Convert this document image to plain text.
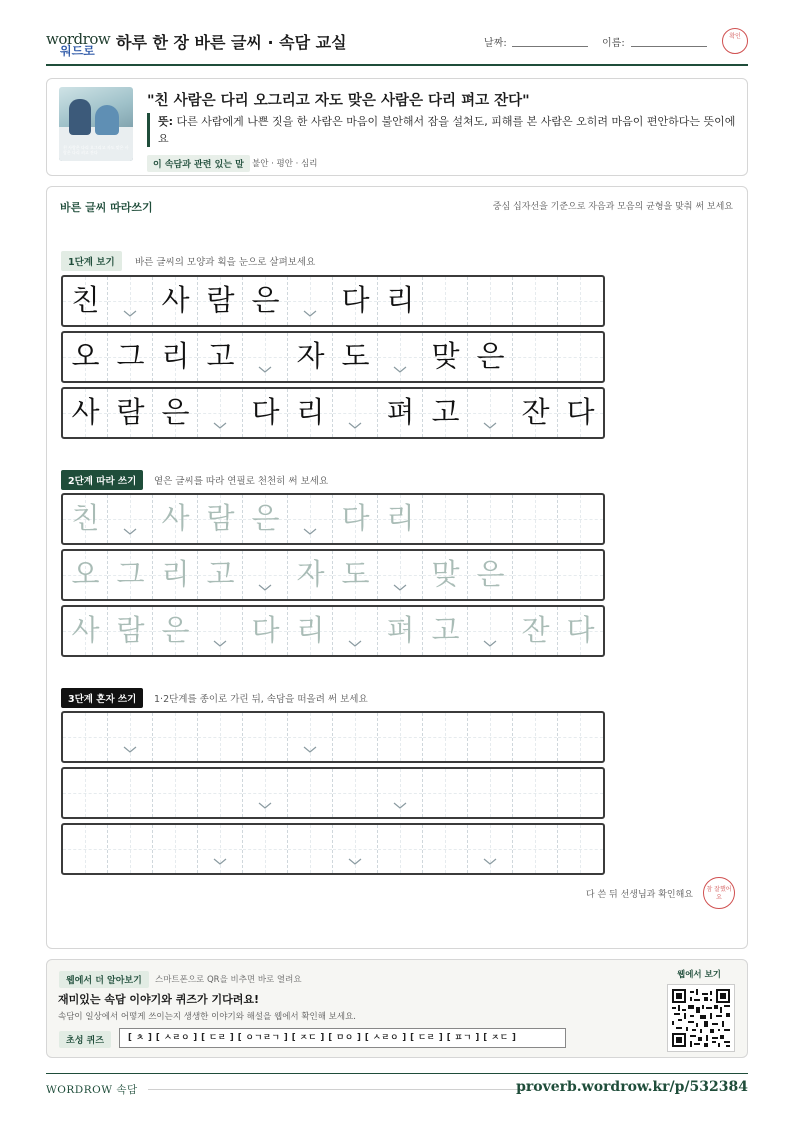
wordrow
워드로 하루 한 장 바른 글씨 · 속담 교실	날짜:	이름:
확인
친 사람은 다리 오그리고 자도 맞은 사람은 다리 펴고 잔다
"친 사람은 다리 오그리고 자도 맞은 사람은 다리 펴고 잔다"
뜻: 다른 사람에게 나쁜 짓을 한 사람은 마음이 불안해서 잠을 설쳐도, 피해를 본 사람은 오히려 마음이 편안하다는 뜻이에요
이 속담과 관련 있는 말 불안 · 평안 · 심리
바른 글씨 따라쓰기	중심 십자선을 기준으로 자음과 모음의 균형을 맞춰 써 보세요
1단계 보기	바른 글씨의 모양과 획을 눈으로 살펴보세요
친 사 람 은 다 리
오 그 리 고 자 도 맞 은
사 람 은 다 리 펴 고 잔 다
2단계 따라 쓰기	옅은 글씨를 따라 연필로 천천히 써 보세요
친 사 람 은 다 리
오 그 리 고 자 도 맞 은
사 람 은 다 리 펴 고 잔 다
3단계 혼자 쓰기	1·2단계를 종이로 가린 뒤, 속담을 떠올려 써 보세요
다 쓴 뒤 선생님과 확인해요
참 잘했어요
웹에서 더 알아보기	스마트폰으로 QR을 비추면 바로 열려요
재미있는 속담 이야기와 퀴즈가 기다려요!
속담이 일상에서 어떻게 쓰이는지 생생한 이야기와 해설을 웹에서 확인해 보세요.
초성 퀴즈	[ ㅊ ] [ ㅅㄹㅇ ] [ ㄷㄹ ] [ ㅇㄱㄹㄱ ] [ ㅈㄷ ] [ ㅁㅇ ] [ ㅅㄹㅇ ] [ ㄷㄹ ] [ ㅍㄱ ] [ ㅈㄷ ]
웹에서 보기
WORDROW 속담	proverb.wordrow.kr/p/532384
